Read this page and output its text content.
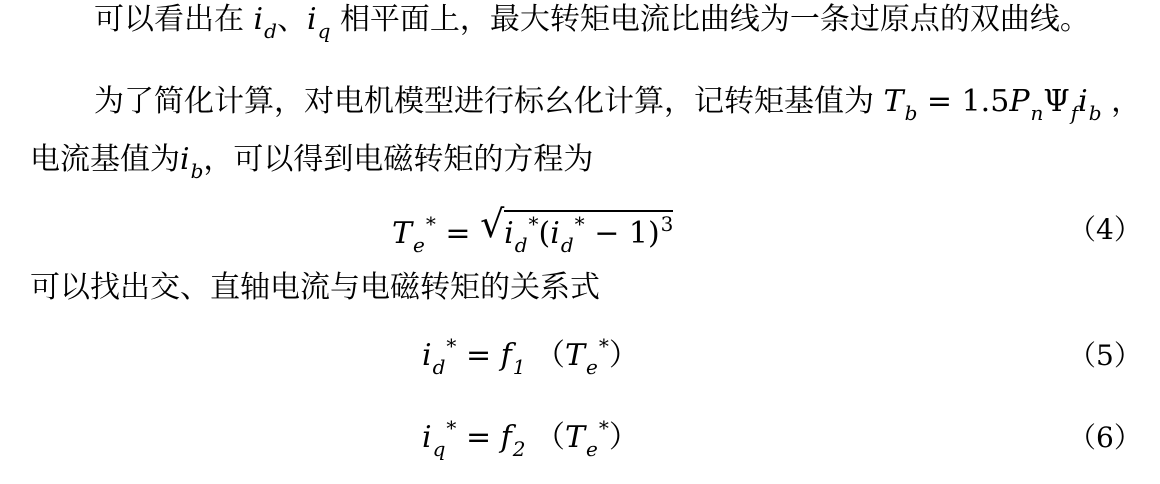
可以看出在 $i_d$、$i_q$ 相平面上，最大转矩电流比曲线为一条过原点的双曲线。
为了简化计算，对电机模型进行标幺化计算，记转矩基值为 $T_b = 1.5P_n\Psi_fi_b$ ，
电流基值为$i_b$，可以得到电磁转矩的方程为
$T_e^*$ = √ $i_d^*(i_d^* - 1)^3$	（4）
可以找出交、直轴电流与电磁转矩的关系式
$i_d^* = f_1$ $(T_e^*)$	（5）
$i_q^* = f_2$ $(T_e^*)$	（6）
